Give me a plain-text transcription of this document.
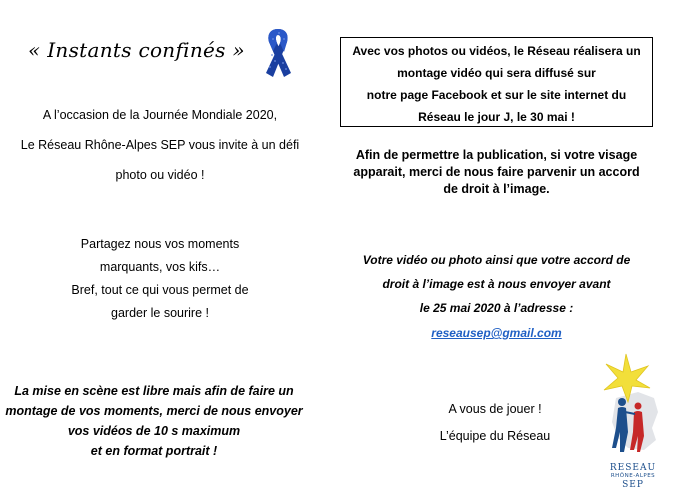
« Instants confinés »
A l’occasion de la Journée Mondiale 2020,
Le Réseau Rhône-Alpes SEP vous invite à un défi
photo ou vidéo !
Partagez nous vos moments
marquants, vos kifs…
Bref, tout ce qui vous permet de
garder le sourire !
La mise en scène est libre mais afin de faire un
montage de vos moments, merci de nous envoyer
vos vidéos de 10 s maximum
et en format portrait !
Avec vos photos ou vidéos, le Réseau réalisera un
montage vidéo qui sera diffusé sur
notre page Facebook et sur le site internet du
Réseau le jour J, le 30 mai !
Afin de permettre la publication, si votre visage
apparait, merci de nous faire parvenir un accord
de droit à l’image.
Votre vidéo ou photo ainsi que votre accord de
droit à l’image est à nous envoyer avant
le 25 mai 2020 à l’adresse :
reseausep@gmail.com
A vous de jouer !
L’équipe du Réseau
RESEAU
RHÔNE-ALPES
SEP
